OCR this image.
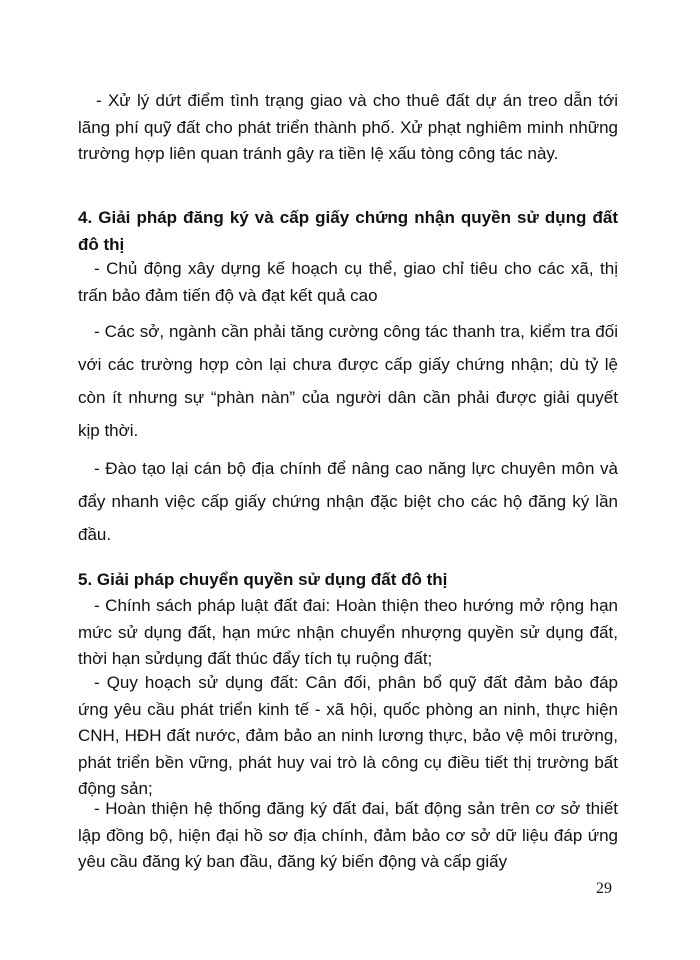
- Xử lý dứt điểm tình trạng giao và cho thuê đất dự án treo dẫn tới lãng phí quỹ đất cho phát triển thành phố. Xử phạt nghiêm minh những trường hợp liên quan tránh gây ra tiền lệ xấu tòng công tác này.

4. Giải pháp đăng ký và cấp giấy chứng nhận quyền sử dụng đất đô thị

- Chủ động xây dựng kế hoạch cụ thể, giao chỉ tiêu cho các xã, thị trấn bảo đảm tiến độ và đạt kết quả cao

- Các sở, ngành cần phải tăng cường công tác thanh tra, kiểm tra đối với các trường hợp còn lại chưa được cấp giấy chứng nhận; dù tỷ lệ còn ít nhưng sự “phàn nàn” của người dân cần phải được giải quyết kịp thời.

- Đào tạo lại cán bộ địa chính để nâng cao năng lực chuyên môn và đẩy nhanh việc cấp giấy chứng nhận đặc biệt cho các hộ đăng ký lần đầu.

5. Giải pháp chuyển quyền sử dụng đất đô thị

- Chính sách pháp luật đất đai: Hoàn thiện theo hướng mở rộng hạn mức sử dụng đất, hạn mức nhận chuyển nhượng quyền sử dụng đất, thời hạn sửdụng đất thúc đẩy tích tụ ruộng đất;

- Quy hoạch sử dụng đất: Cân đối, phân bổ quỹ đất đảm bảo đáp ứng yêu cầu phát triển kinh tế - xã hội, quốc phòng an ninh, thực hiện CNH, HĐH đất nước, đảm bảo an ninh lương thực, bảo vệ môi trường, phát triển bền vững, phát huy vai trò là công cụ điều tiết thị trường bất động sản;

- Hoàn thiện hệ thống đăng ký đất đai, bất động sản trên cơ sở thiết lập đồng bộ, hiện đại hồ sơ địa chính, đảm bảo cơ sở dữ liệu đáp ứng yêu cầu đăng ký ban đầu, đăng ký biến động và cấp giấy

29
